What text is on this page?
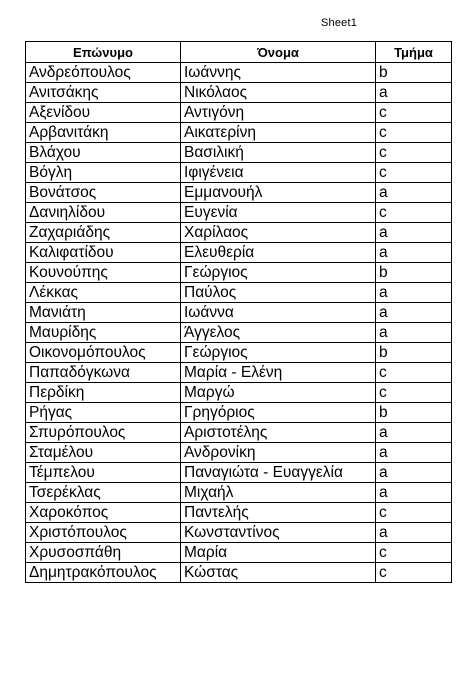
Sheet1
Επώνυμο	Όνομα	Τμήμα
Ανδρεόπουλος	Ιωάννης	b
Ανιτσάκης	Νικόλαος	a
Αξενίδου	Αντιγόνη	c
Αρβανιτάκη	Αικατερίνη	c
Βλάχου	Βασιλική	c
Βόγλη	Ιφιγένεια	c
Βονάτσος	Εμμανουήλ	a
Δανιηλίδου	Ευγενία	c
Ζαχαριάδης	Χαρίλαος	a
Καλιφατίδου	Ελευθερία	a
Κουνούπης	Γεώργιος	b
Λέκκας	Παύλος	a
Μανιάτη	Ιωάννα	a
Μαυρίδης	Άγγελος	a
Οικονομόπουλος	Γεώργιος	b
Παπαδόγκωνα	Μαρία - Ελένη	c
Περδίκη	Μαργώ	c
Ρήγας	Γρηγόριος	b
Σπυρόπουλος	Αριστοτέλης	a
Σταμέλου	Ανδρονίκη	a
Τέμπελου	Παναγιώτα - Ευαγγελία	a
Τσερέκλας	Μιχαήλ	a
Χαροκόπος	Παντελής	c
Χριστόπουλος	Κωνσταντίνος	a
Χρυσοσπάθη	Μαρία	c
Δημητρακόπουλος	Κώστας	c
